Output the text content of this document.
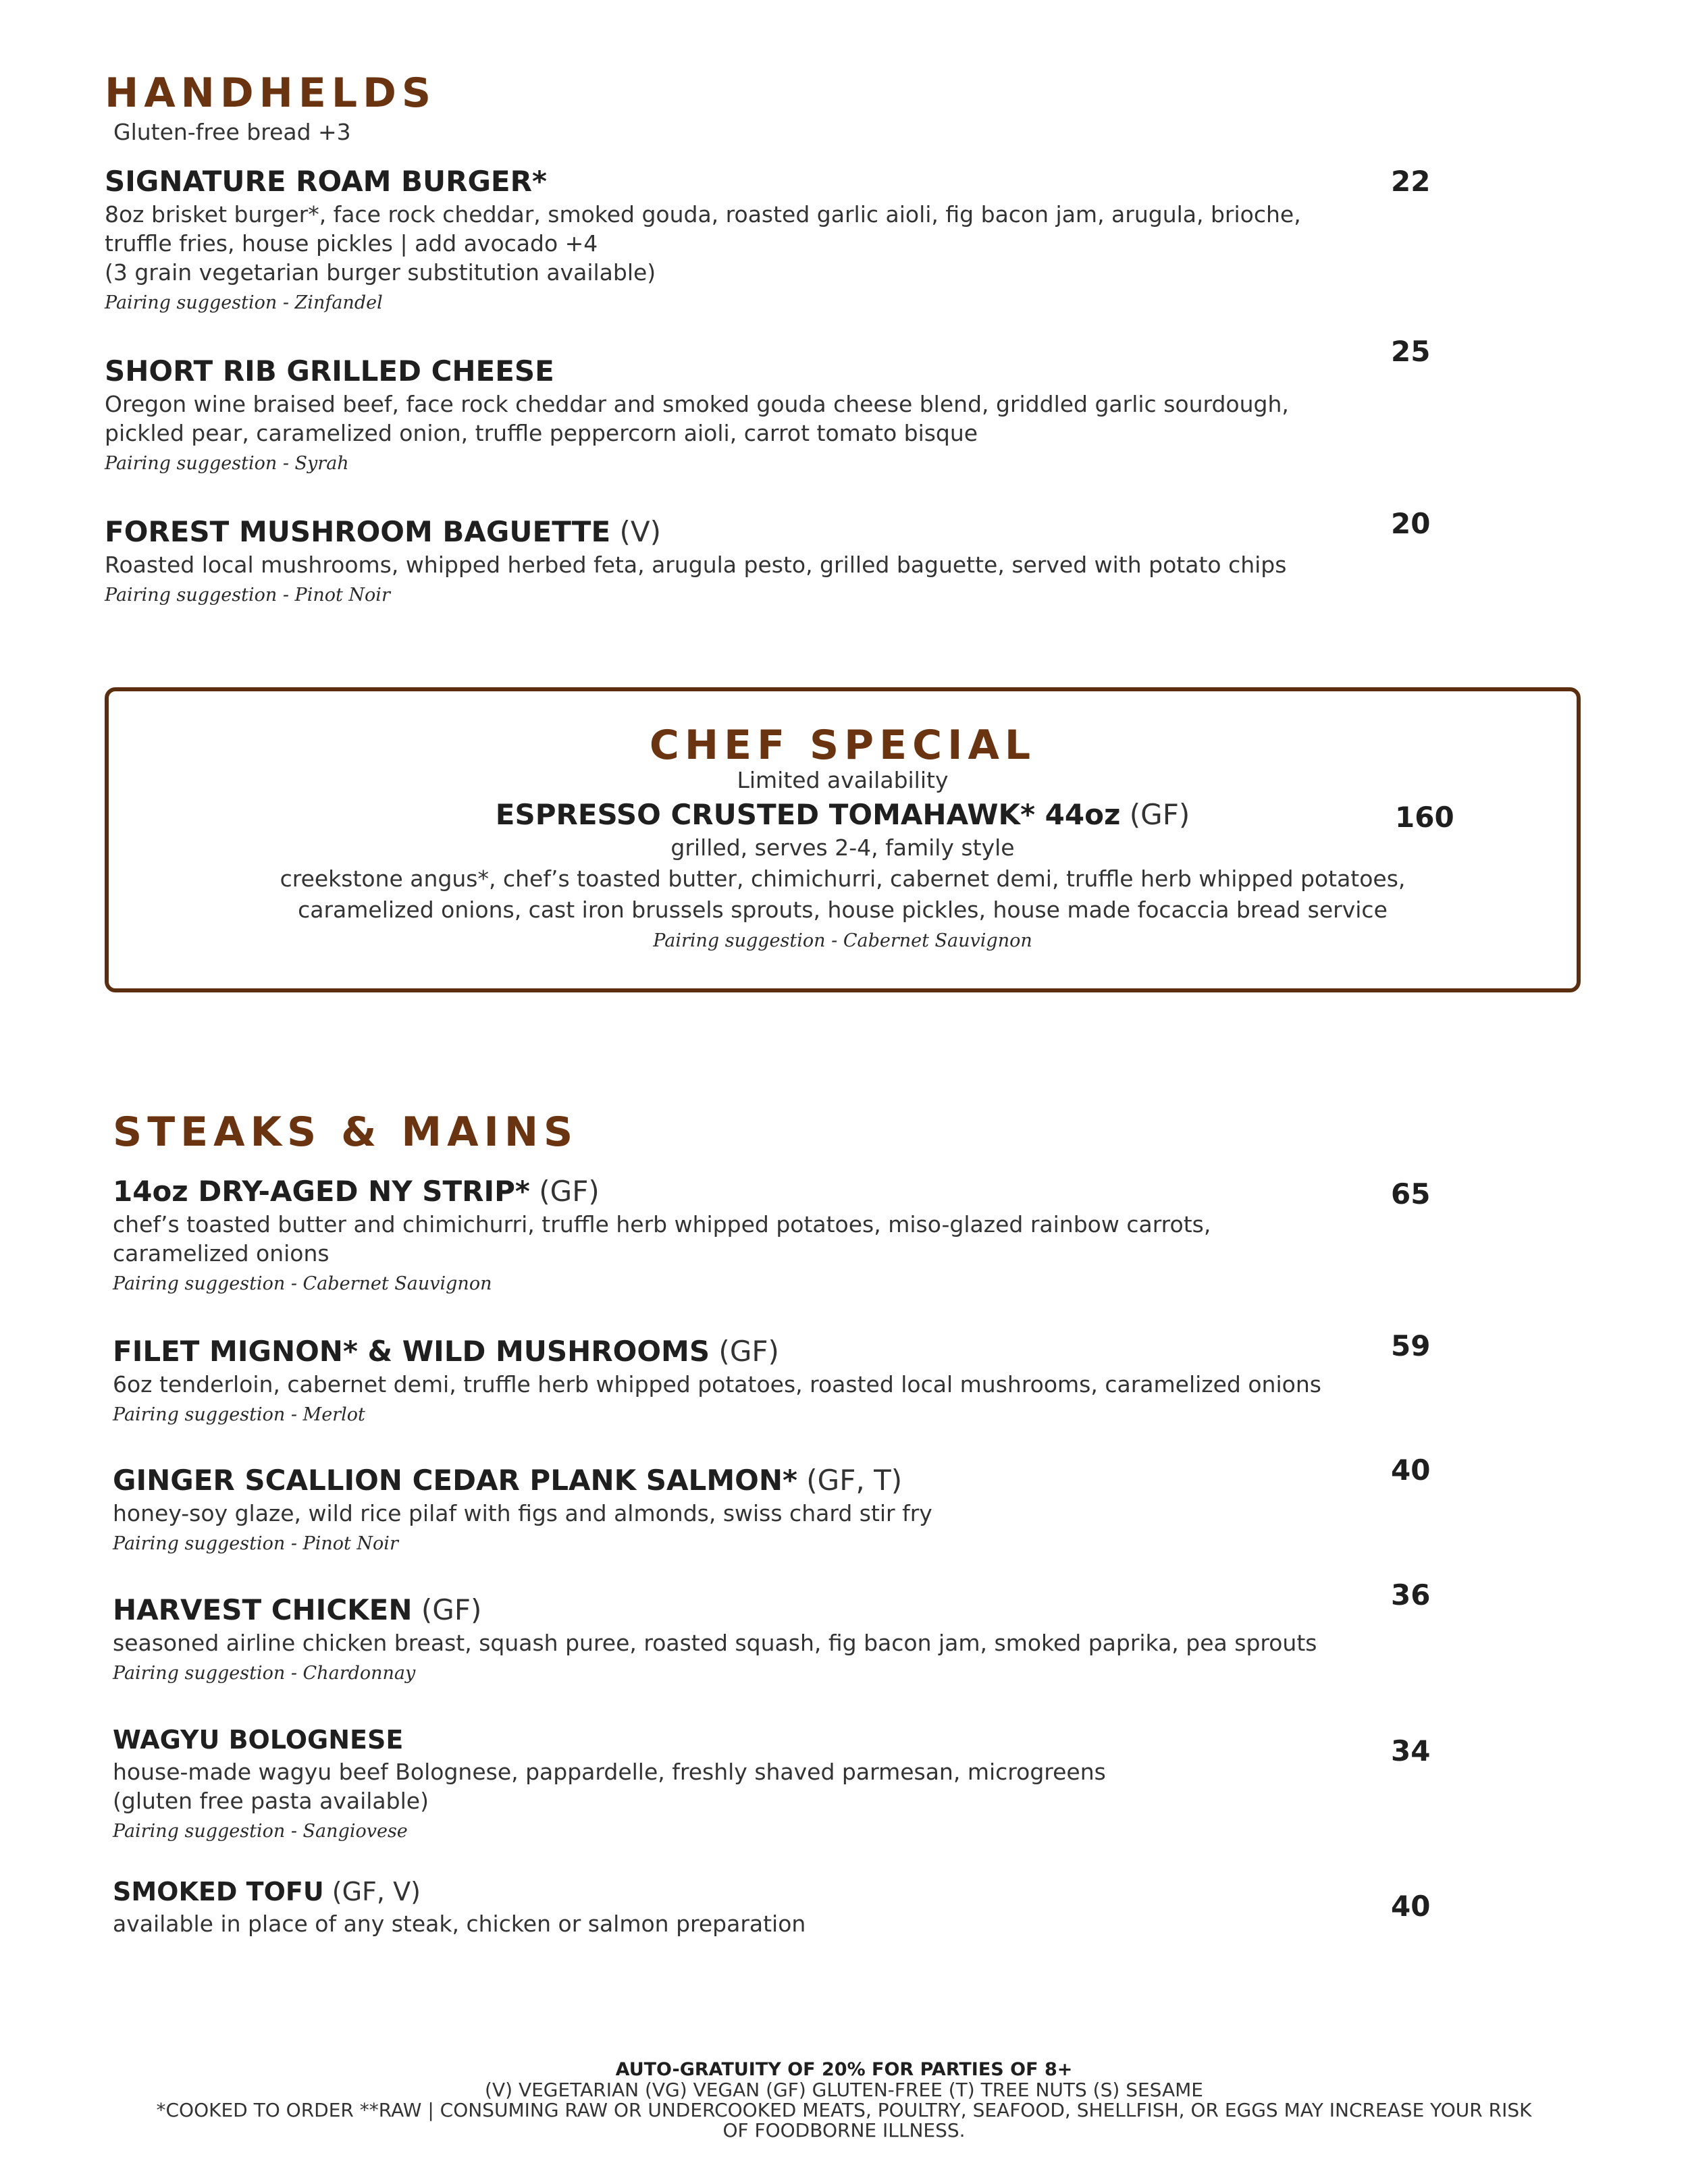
HANDHELDS

Gluten-free bread +3

SIGNATURE ROAM BURGER*
8oz brisket burger*, face rock cheddar, smoked gouda, roasted garlic aioli, fig bacon jam, arugula, brioche,
truffle fries, house pickles | add avocado +4
(3 grain vegetarian burger substitution available)
Pairing suggestion - Zinfandel
22
SHORT RIB GRILLED CHEESE
Oregon wine braised beef, face rock cheddar and smoked gouda cheese blend, griddled garlic sourdough,
pickled pear, caramelized onion, truffle peppercorn aioli, carrot tomato bisque
Pairing suggestion - Syrah
25
FOREST MUSHROOM BAGUETTE (V)
Roasted local mushrooms, whipped herbed feta, arugula pesto, grilled baguette, served with potato chips
Pairing suggestion - Pinot Noir
20
CHEF SPECIAL
Limited availability
ESPRESSO CRUSTED TOMAHAWK* 44oz (GF)	160
grilled, serves 2-4, family style
creekstone angus*, chef’s toasted butter, chimichurri, cabernet demi, truffle herb whipped potatoes,
caramelized onions, cast iron brussels sprouts, house pickles, house made focaccia bread service
Pairing suggestion - Cabernet Sauvignon
STEAKS & MAINS
14oz DRY-AGED NY STRIP* (GF)
chef’s toasted butter and chimichurri, truffle herb whipped potatoes, miso-glazed rainbow carrots,
caramelized onions
Pairing suggestion - Cabernet Sauvignon
65
FILET MIGNON* & WILD MUSHROOMS (GF)
6oz tenderloin, cabernet demi, truffle herb whipped potatoes, roasted local mushrooms, caramelized onions
Pairing suggestion - Merlot
59
GINGER SCALLION CEDAR PLANK SALMON* (GF, T)
honey-soy glaze, wild rice pilaf with figs and almonds, swiss chard stir fry
Pairing suggestion - Pinot Noir
40
HARVEST CHICKEN (GF)
seasoned airline chicken breast, squash puree, roasted squash, fig bacon jam, smoked paprika, pea sprouts
Pairing suggestion - Chardonnay
36
WAGYU BOLOGNESE
house-made wagyu beef Bolognese, pappardelle, freshly shaved parmesan, microgreens
(gluten free pasta available)
Pairing suggestion - Sangiovese
34
SMOKED TOFU (GF, V)
available in place of any steak, chicken or salmon preparation
40
AUTO-GRATUITY OF 20% FOR PARTIES OF 8+
(V) VEGETARIAN (VG) VEGAN (GF) GLUTEN-FREE (T) TREE NUTS (S) SESAME
*COOKED TO ORDER **RAW | CONSUMING RAW OR UNDERCOOKED MEATS, POULTRY, SEAFOOD, SHELLFISH, OR EGGS MAY INCREASE YOUR RISK
OF FOODBORNE ILLNESS.
